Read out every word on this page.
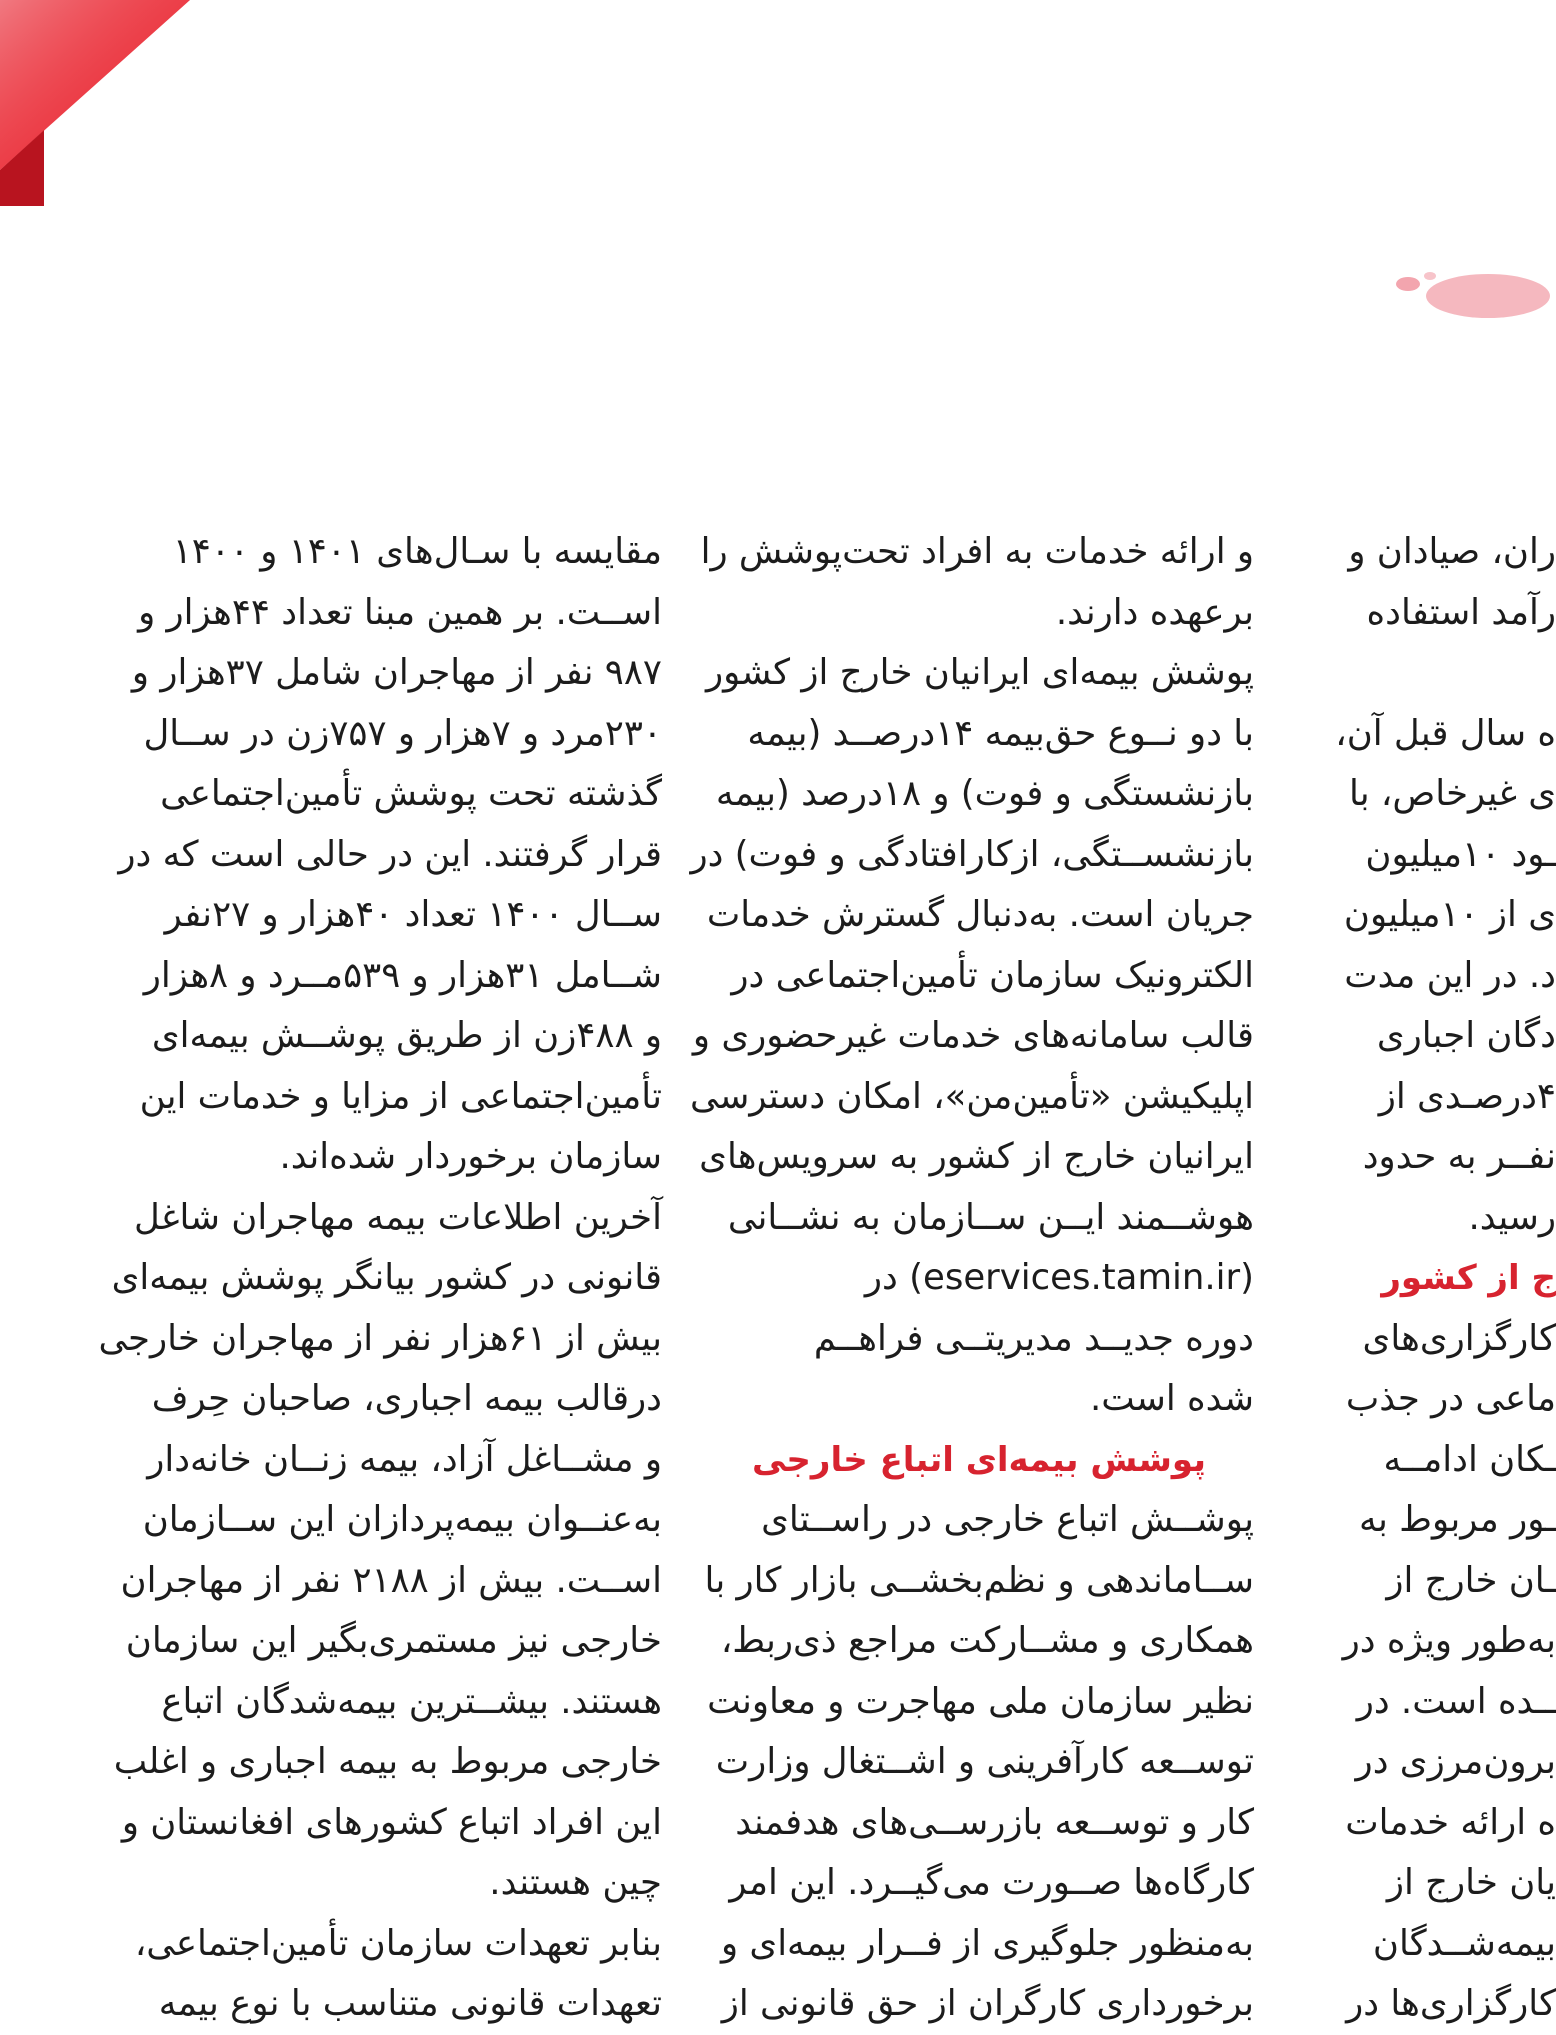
مقایسه با سـال‌های ۱۴۰۱ و ۱۴۰۰
اســت. بر همین مبنا تعداد ۴۴هزار و
۹۸۷ نفر از مهاجران شامل ۳۷هزار و
۲۳۰مرد و ۷هزار و ۷۵۷زن در ســال
گذشته تحت پوشش تأمین‌اجتماعی
قرار گرفتند. این در حالی است که در
ســال ۱۴۰۰ تعداد ۴۰هزار و ۲۷نفر
شــامل ۳۱هزار و ۵۳۹مــرد و ۸هزار
و ۴۸۸زن از طریق پوشــش بیمه‌ای
تأمین‌اجتماعی از مزایا و خدمات این
سازمان برخوردار شده‌اند.
آخرین اطلاعات بیمه مهاجران شاغل
قانونی در کشور بیانگر پوشش بیمه‌ای
بیش از ۶۱هزار نفر از مهاجران خارجی
درقالب بیمه اجباری، صاحبان حِرف
و مشــاغل آزاد، بیمه زنــان خانه‌دار
به‌عنــوان بیمه‌پردازان این ســازمان
اســت. بیش از ۲۱۸۸ نفر از مهاجران
خارجی نیز مستمری‌بگیر این سازمان
هستند. بیشــترین بیمه‌شدگان اتباع
خارجی مربوط به بیمه اجباری و اغلب
این افراد اتباع کشورهای افغانستان و
چین هستند.
بنابر تعهدات سازمان تأمین‌اجتماعی،
تعهدات قانونی متناسب با نوع بیمه
و ارائه خدمات به افراد تحت‌پوشش را
برعهده دارند.
پوشش بیمه‌ای ایرانیان خارج از کشور
با دو نــوع حق‌بیمه ۱۴درصــد (بیمه
بازنشستگی و فوت) و ۱۸درصد (بیمه
بازنشســتگی، ازکارافتادگی و فوت) در
جریان است. به‌دنبال گسترش خدمات
الکترونیک سازمان تأمین‌اجتماعی در
قالب سامانه‌های خدمات غیرحضوری و
اپلیکیشن «تأمین‌من»، امکان دسترسی
ایرانیان خارج از کشور به سرویس‌های
هوشــمند ایــن ســازمان به نشــانی
(eservices.tamin.ir) در
دوره جدیــد مدیریتــی فراهــم
شده است.
پوشش بیمه‌ای اتباع خارجی
پوشــش اتباع خارجی در راســتای
ســاماندهی و نظم‌بخشــی بازار کار با
همکاری و مشــارکت مراجع ذی‌ربط،
نظیر سازمان ملی مهاجرت و معاونت
توســعه کارآفرینی و اشــتغال وزارت
کار و توســعه بازرســی‌های هدفمند
کارگاه‌ها صــورت می‌گیــرد. این امر
به‌منظور جلوگیری از فــرار بیمه‌ای و
برخورداری کارگران از حق قانونی از
ران، صیادان و
رآمد استفاده
ه سال قبل آن،
ی غیرخاص، با
ـود ۱۰میلیون
ی از ۱۰میلیون
د. در این مدت
دگان اجباری
۴درصـدی از
نفــر به حدود
رسید.
ج از کشور
کارگزاری‌های
ماعی در جذب
ـکان ادامــه
ـور مربوط به
ـان خارج از
به‌طور ویژه در
ــده است. در
برون‌مرزی در
ه ارائه خدمات
یان خارج از
بیمه‌شــدگان
کارگزاری‌ها در
